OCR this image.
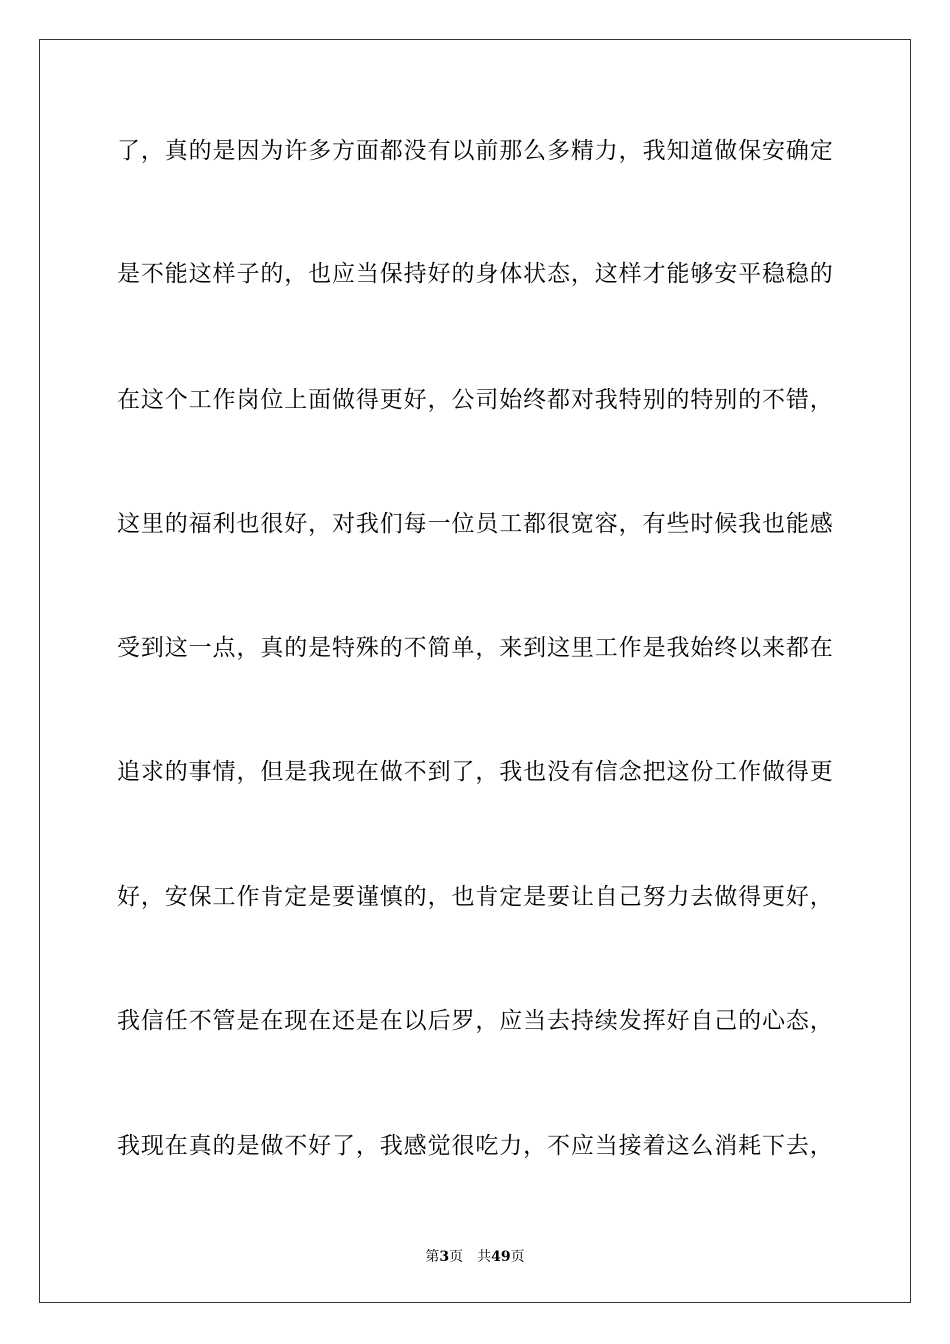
了，真的是因为许多方面都没有以前那么多精力，我知道做保安确定
是不能这样子的，也应当保持好的身体状态，这样才能够安平稳稳的
在这个工作岗位上面做得更好，公司始终都对我特别的特别的不错，
这里的福利也很好，对我们每一位员工都很宽容，有些时候我也能感
受到这一点，真的是特殊的不简单，来到这里工作是我始终以来都在
追求的事情，但是我现在做不到了，我也没有信念把这份工作做得更
好，安保工作肯定是要谨慎的，也肯定是要让自己努力去做得更好，
我信任不管是在现在还是在以后罗，应当去持续发挥好自己的心态，
我现在真的是做不好了，我感觉很吃力，不应当接着这么消耗下去，
第3页 共49页
